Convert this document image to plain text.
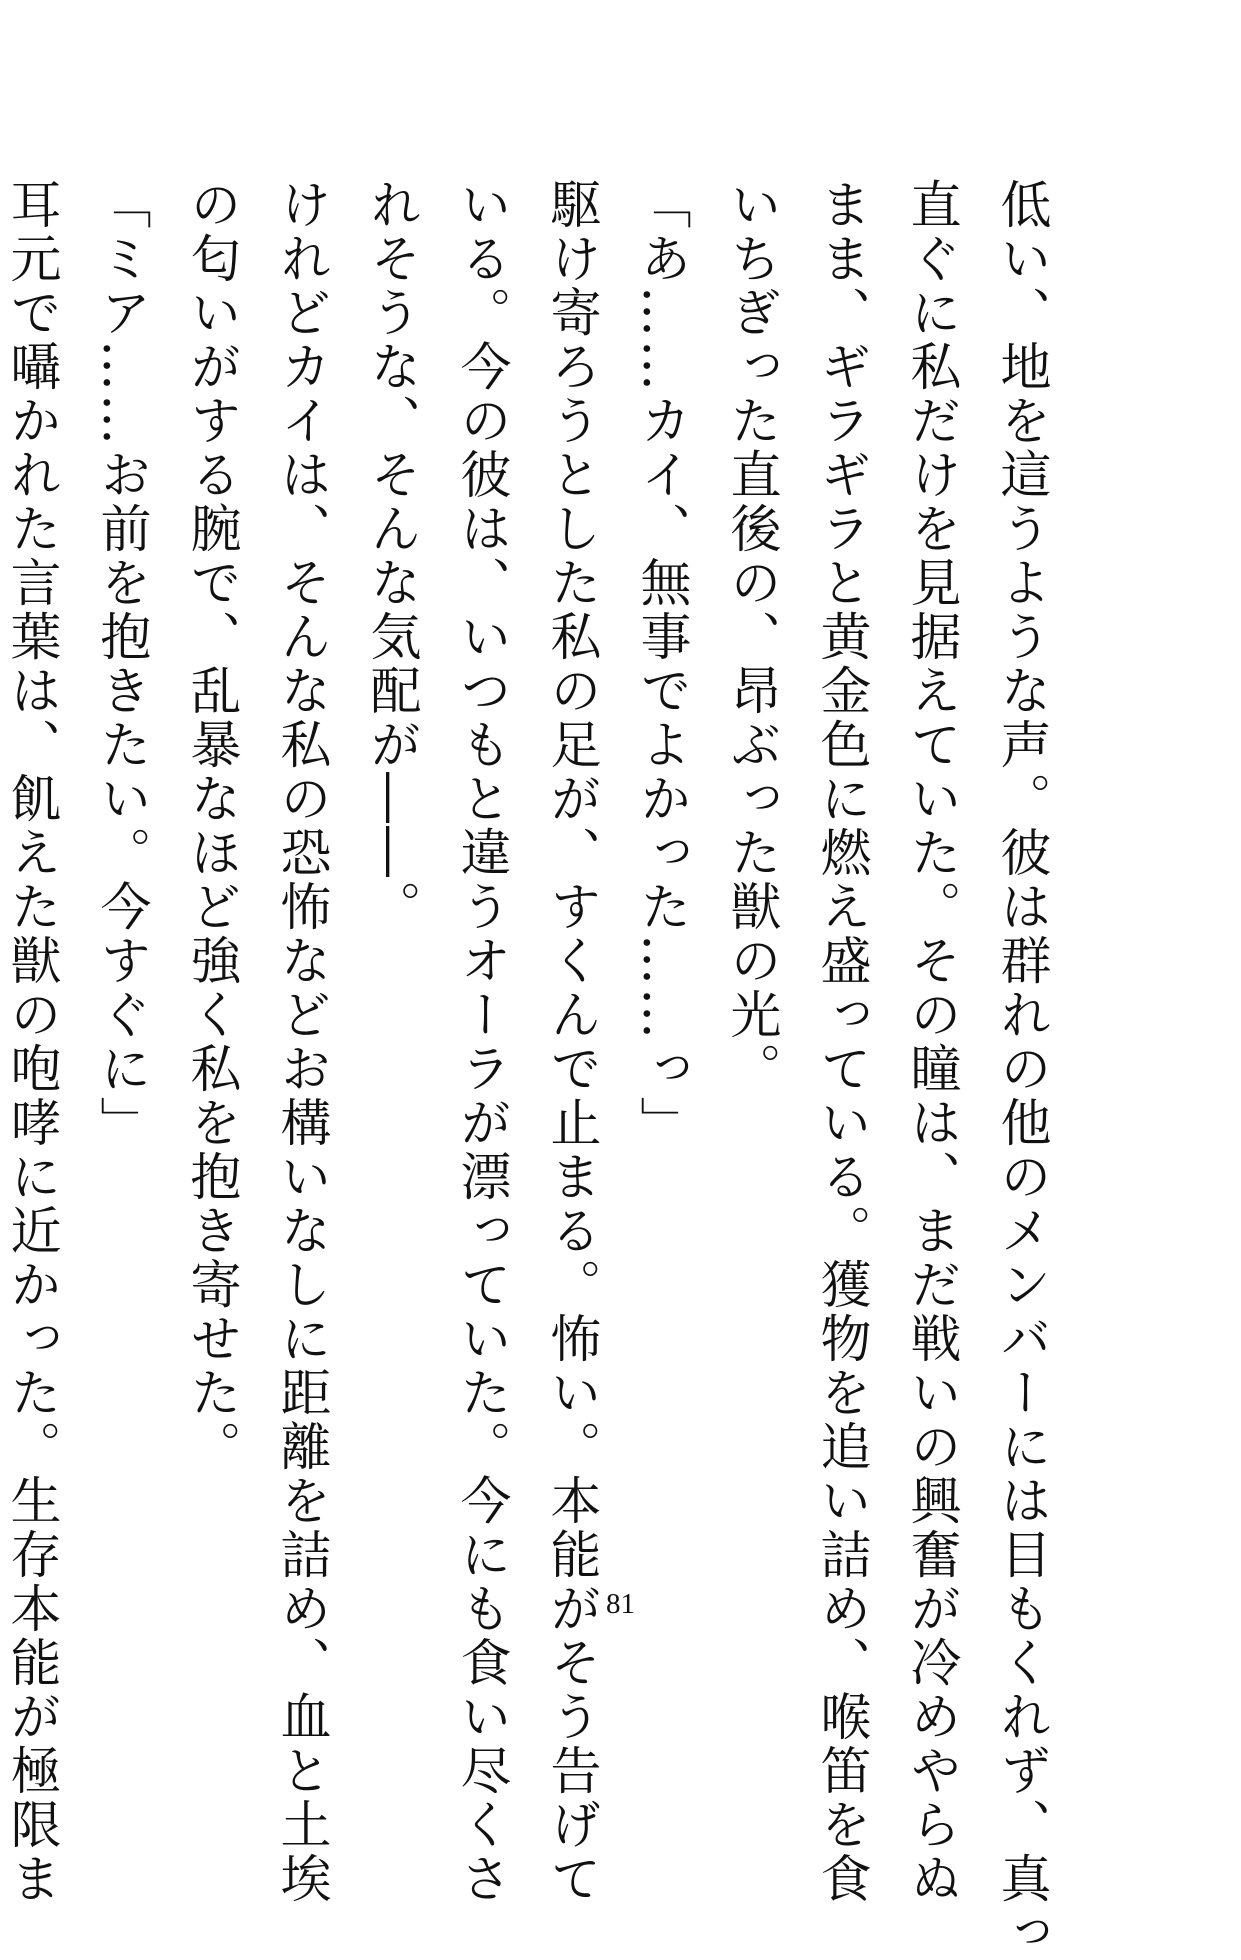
低い、地を這うような声。彼は群れの他のメンバーには目もくれず、真っ
直ぐに私だけを見据えていた。その瞳は、まだ戦いの興奮が冷めやらぬ
まま、ギラギラと黄金色に燃え盛っている。獲物を追い詰め、喉笛を食
いちぎった直後の、昂ぶった獣の光。
「あ……カイ、無事でよかった……っ」
駆け寄ろうとした私の足が、すくんで止まる。怖い。本能がそう告げて
いる。今の彼は、いつもと違うオーラが漂っていた。今にも食い尽くさ
れそうな、そんな気配が――。
けれどカイは、そんな私の恐怖などお構いなしに距離を詰め、血と土埃
の匂いがする腕で、乱暴なほど強く私を抱き寄せた。
「ミア……お前を抱きたい。今すぐに」
耳元で囁かれた言葉は、飢えた獣の咆哮に近かった。生存本能が極限ま	81
